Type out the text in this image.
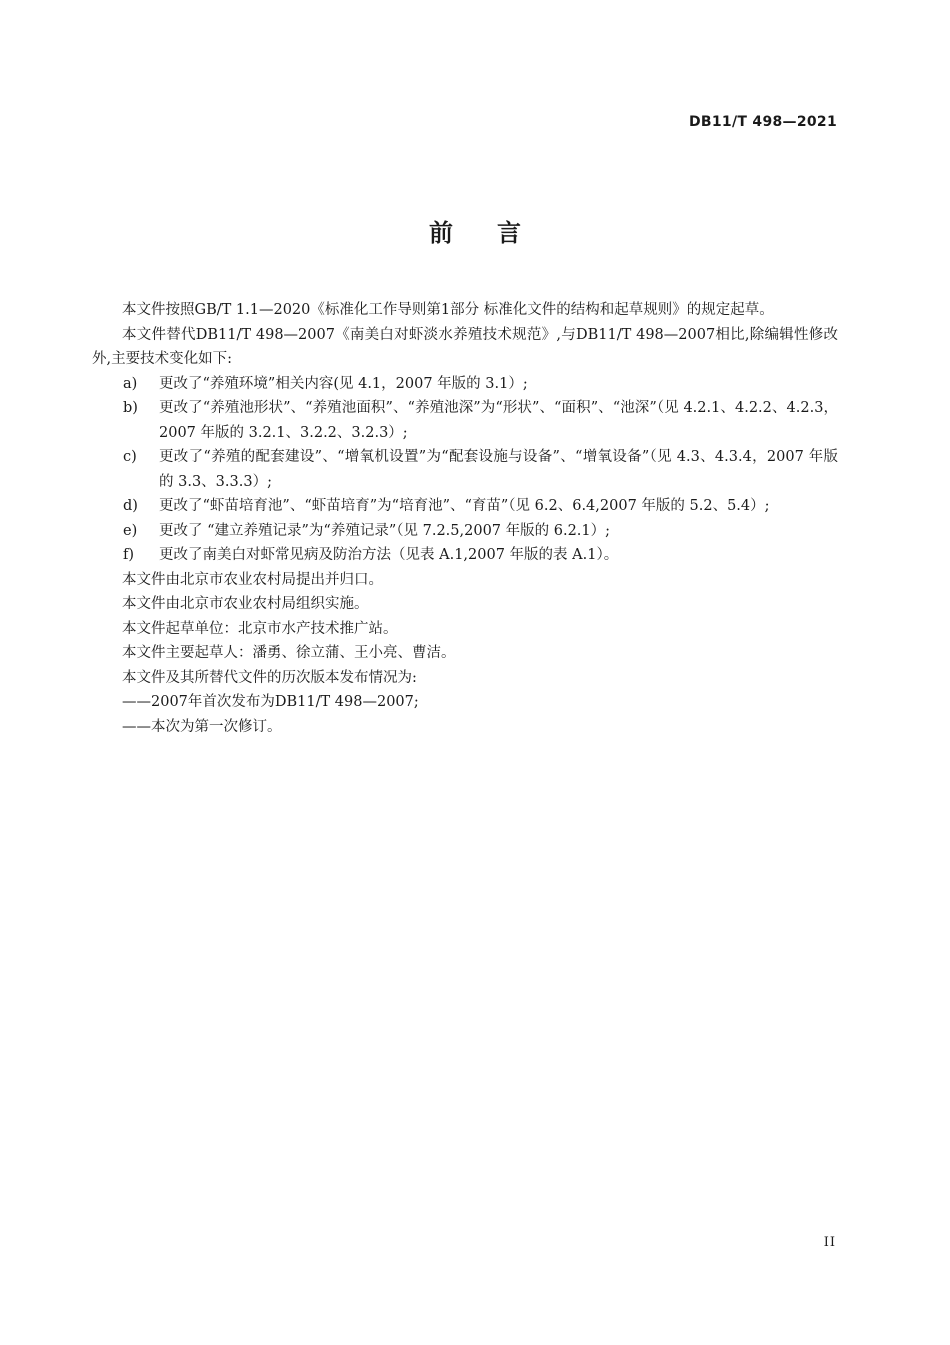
DB11/T 498—2021
前言

本文件按照GB/T 1.1—2020《标准化工作导则第1部分 标准化文件的结构和起草规则》的规定起草。

本文件替代DB11/T 498—2007《南美白对虾淡水养殖技术规范》,与DB11/T 498—2007相比,除编辑性修改外,主要技术变化如下:

a)	更改了“养殖环境”相关内容(见 4.1，2007 年版的 3.1）;
b)	更改了“养殖池形状”、“养殖池面积”、“养殖池深”为“形状”、“面积”、“池深”（见 4.2.1、4.2.2、4.2.3，2007 年版的 3.2.1、3.2.2、3.2.3）;
c)	更改了“养殖的配套建设”、“增氧机设置”为“配套设施与设备”、“增氧设备”（见 4.3、4.3.4，2007 年版的 3.3、3.3.3）;
d)	更改了“虾苗培育池”、“虾苗培育”为“培育池”、“育苗”（见 6.2、6.4,2007 年版的 5.2、5.4）;
e)	更改了 “建立养殖记录”为“养殖记录”（见 7.2.5,2007 年版的 6.2.1）;
f)	更改了南美白对虾常见病及防治方法（见表 A.1,2007 年版的表 A.1）。

本文件由北京市农业农村局提出并归口。

本文件由北京市农业农村局组织实施。

本文件起草单位：北京市水产技术推广站。

本文件主要起草人：潘勇、徐立蒲、王小亮、曹洁。

本文件及其所替代文件的历次版本发布情况为:

——2007年首次发布为DB11/T 498—2007;

——本次为第一次修订。

II
